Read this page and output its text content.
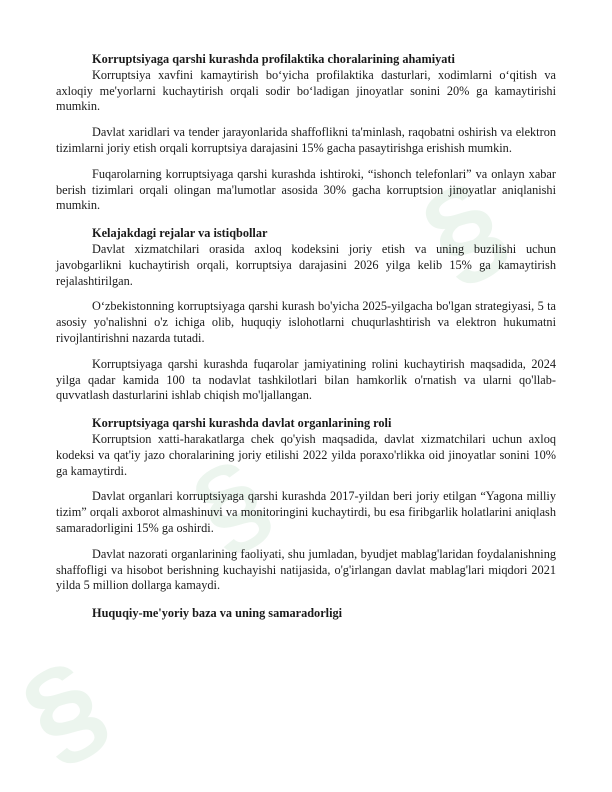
§
§
§
Korruptsiyaga qarshi kurashda profilaktika choralarining ahamiyati

Korruptsiya xavfini kamaytirish bo‘yicha profilaktika dasturlari, xodimlarni o‘qitish va axloqiy me'yorlarni kuchaytirish orqali sodir bo‘ladigan jinoyatlar sonini 20% ga kamaytirishi mumkin.

Davlat xaridlari va tender jarayonlarida shaffoflikni ta'minlash, raqobatni oshirish va elektron tizimlarni joriy etish orqali korruptsiya darajasini 15% gacha pasaytirishga erishish mumkin.

Fuqarolarning korruptsiyaga qarshi kurashda ishtiroki, “ishonch telefonlari” va onlayn xabar berish tizimlari orqali olingan ma'lumotlar asosida 30% gacha korruptsion jinoyatlar aniqlanishi mumkin.

Kelajakdagi rejalar va istiqbollar

Davlat xizmatchilari orasida axloq kodeksini joriy etish va uning buzilishi uchun javobgarlikni kuchaytirish orqali, korruptsiya darajasini 2026 yilga kelib 15% ga kamaytirish rejalashtirilgan.

O‘zbekistonning korruptsiyaga qarshi kurash bo'yicha 2025-yilgacha bo'lgan strategiyasi, 5 ta asosiy yo'nalishni o'z ichiga olib, huquqiy islohotlarni chuqurlashtirish va elektron hukumatni rivojlantirishni nazarda tutadi.

Korruptsiyaga qarshi kurashda fuqarolar jamiyatining rolini kuchaytirish maqsadida, 2024 yilga qadar kamida 100 ta nodavlat tashkilotlari bilan hamkorlik o'rnatish va ularni qo'llab-quvvatlash dasturlarini ishlab chiqish mo'ljallangan.

Korruptsiyaga qarshi kurashda davlat organlarining roli

Korruptsion xatti-harakatlarga chek qo'yish maqsadida, davlat xizmatchilari uchun axloq kodeksi va qat'iy jazo choralarining joriy etilishi 2022 yilda poraxo'rlikka oid jinoyatlar sonini 10% ga kamaytirdi.

Davlat organlari korruptsiyaga qarshi kurashda 2017-yildan beri joriy etilgan “Yagona milliy tizim” orqali axborot almashinuvi va monitoringini kuchaytirdi, bu esa firibgarlik holatlarini aniqlash samaradorligini 15% ga oshirdi.

Davlat nazorati organlarining faoliyati, shu jumladan, byudjet mablag'laridan foydalanishning shaffofligi va hisobot berishning kuchayishi natijasida, o'g'irlangan davlat mablag'lari miqdori 2021 yilda 5 million dollarga kamaydi.

Huquqiy-me'yoriy baza va uning samaradorligi
